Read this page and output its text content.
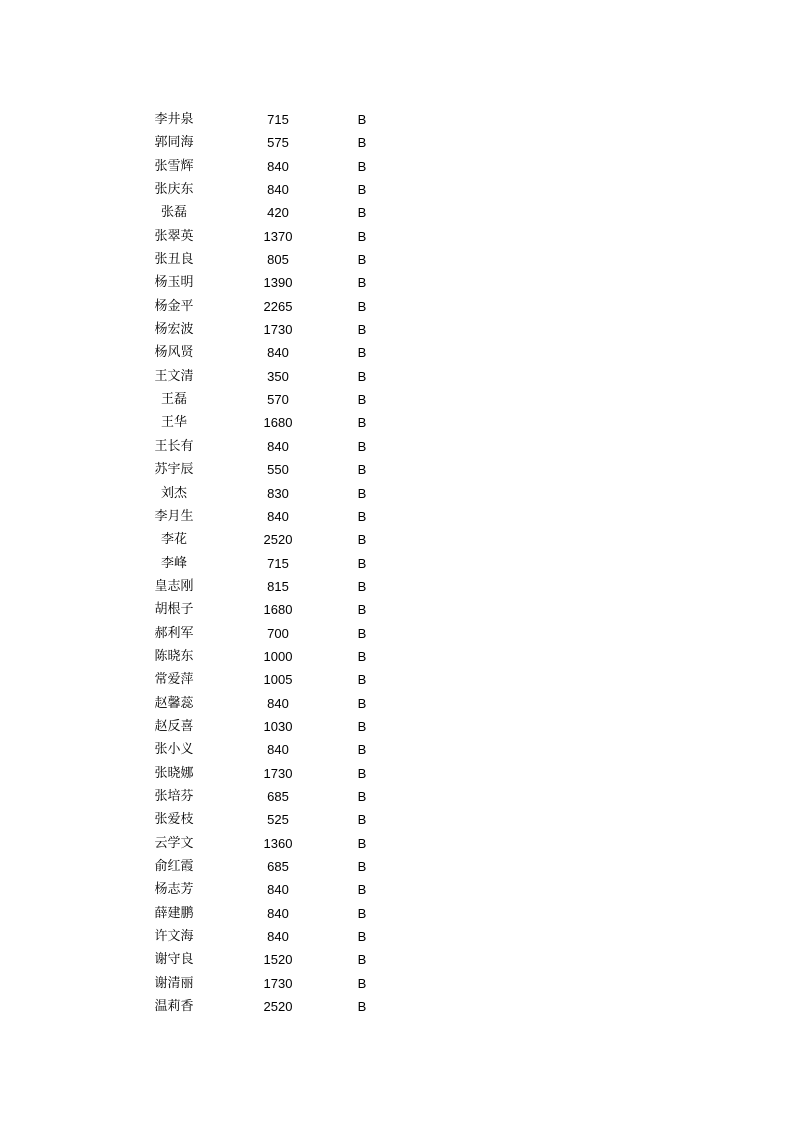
李井泉	715	B
郭同海	575	B
张雪辉	840	B
张庆东	840	B
张磊	420	B
张翠英	1370	B
张丑良	805	B
杨玉明	1390	B
杨金平	2265	B
杨宏波	1730	B
杨风贤	840	B
王文清	350	B
王磊	570	B
王华	1680	B
王长有	840	B
苏宇辰	550	B
刘杰	830	B
李月生	840	B
李花	2520	B
李峰	715	B
皇志刚	815	B
胡根子	1680	B
郝利军	700	B
陈晓东	1000	B
常爱萍	1005	B
赵馨蕊	840	B
赵反喜	1030	B
张小义	840	B
张晓娜	1730	B
张培芬	685	B
张爱枝	525	B
云学文	1360	B
俞红霞	685	B
杨志芳	840	B
薛建鹏	840	B
许文海	840	B
谢守良	1520	B
谢清丽	1730	B
温莉香	2520	B
